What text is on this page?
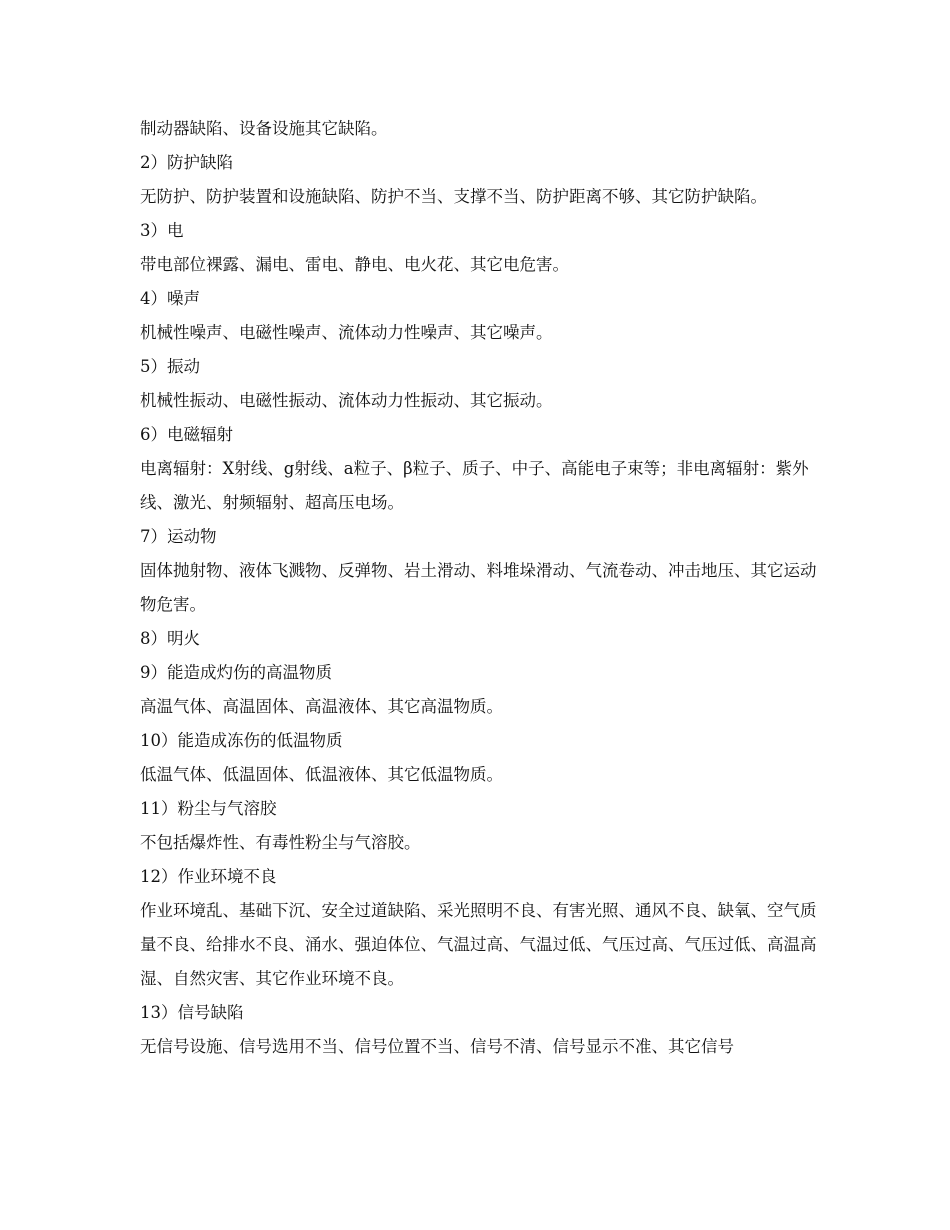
制动器缺陷、设备设施其它缺陷。

2）防护缺陷

无防护、防护装置和设施缺陷、防护不当、支撑不当、防护距离不够、其它防护缺陷。

3）电

带电部位裸露、漏电、雷电、静电、电火花、其它电危害。

4）噪声

机械性噪声、电磁性噪声、流体动力性噪声、其它噪声。

5）振动

机械性振动、电磁性振动、流体动力性振动、其它振动。

6）电磁辐射

电离辐射：X射线、g射线、a粒子、β粒子、质子、中子、高能电子束等；非电离辐射：紫外线、激光、射频辐射、超高压电场。

7）运动物

固体抛射物、液体飞溅物、反弹物、岩土滑动、料堆垛滑动、气流卷动、冲击地压、其它运动物危害。

8）明火

9）能造成灼伤的高温物质

高温气体、高温固体、高温液体、其它高温物质。

10）能造成冻伤的低温物质

低温气体、低温固体、低温液体、其它低温物质。

11）粉尘与气溶胶

不包括爆炸性、有毒性粉尘与气溶胶。

12）作业环境不良

作业环境乱、基础下沉、安全过道缺陷、采光照明不良、有害光照、通风不良、缺氧、空气质量不良、给排水不良、涌水、强迫体位、气温过高、气温过低、气压过高、气压过低、高温高湿、自然灾害、其它作业环境不良。

13）信号缺陷

无信号设施、信号选用不当、信号位置不当、信号不清、信号显示不准、其它信号
